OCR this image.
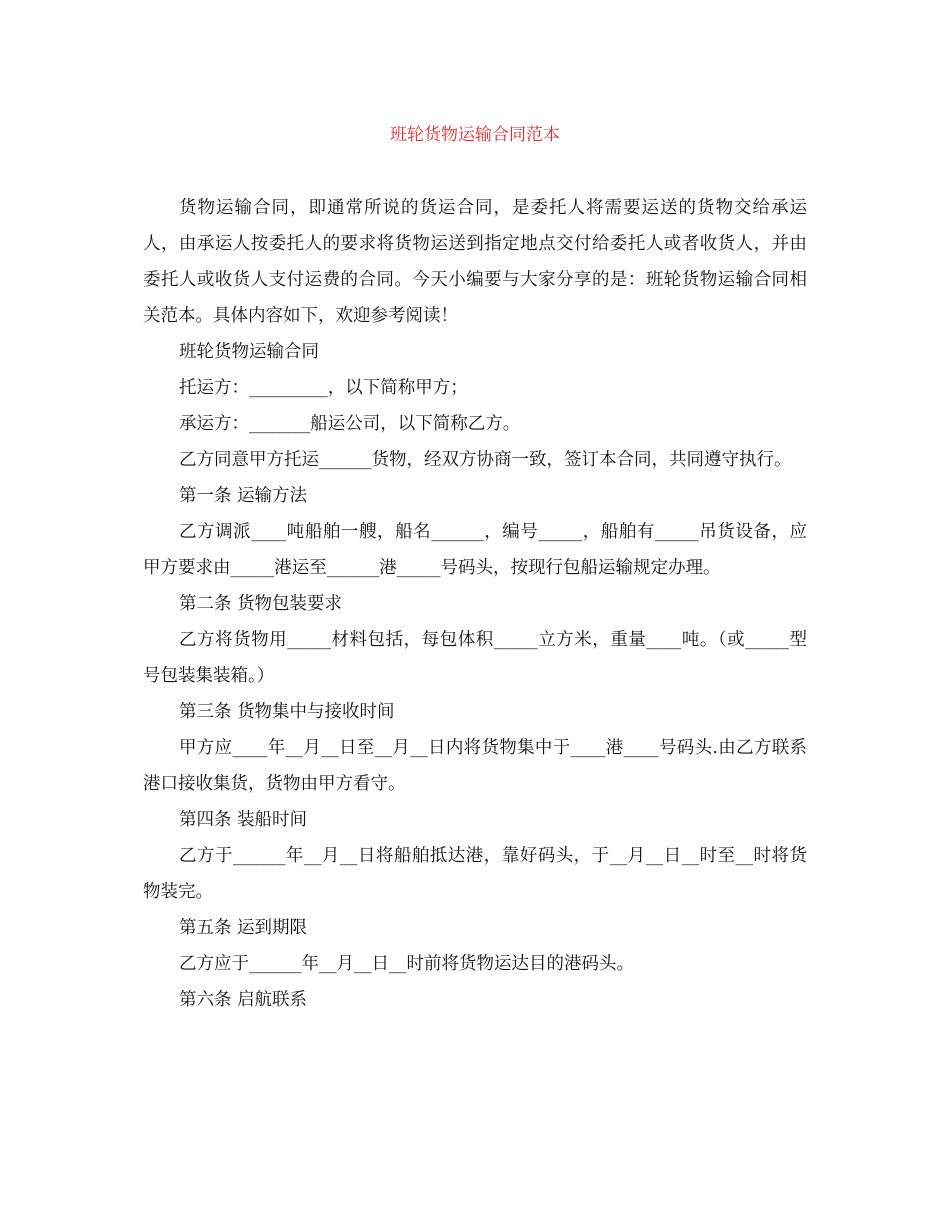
班轮货物运输合同范本

货物运输合同，即通常所说的货运合同，是委托人将需要运送的货物交给承运人，由承运人按委托人的要求将货物运送到指定地点交付给委托人或者收货人，并由委托人或收货人支付运费的合同。今天小编要与大家分享的是：班轮货物运输合同相关范本。具体内容如下，欢迎参考阅读！

班轮货物运输合同

托运方：_________，以下简称甲方；

承运方：_______船运公司，以下简称乙方。

乙方同意甲方托运______货物，经双方协商一致，签订本合同，共同遵守执行。

第一条 运输方法

乙方调派____吨船舶一艘，船名______，编号_____，船舶有_____吊货设备，应甲方要求由_____港运至______港_____号码头，按现行包船运输规定办理。

第二条 货物包装要求

乙方将货物用_____材料包括，每包体积_____立方米，重量____吨。（或_____型号包装集装箱。）

第三条 货物集中与接收时间

甲方应____年__月__日至__月__日内将货物集中于____港____号码头.由乙方联系港口接收集货，货物由甲方看守。

第四条 装船时间

乙方于______年__月__日将船舶抵达港，靠好码头，于__月__日__时至__时将货物装完。

第五条 运到期限

乙方应于______年__月__日__时前将货物运达目的港码头。

第六条 启航联系
